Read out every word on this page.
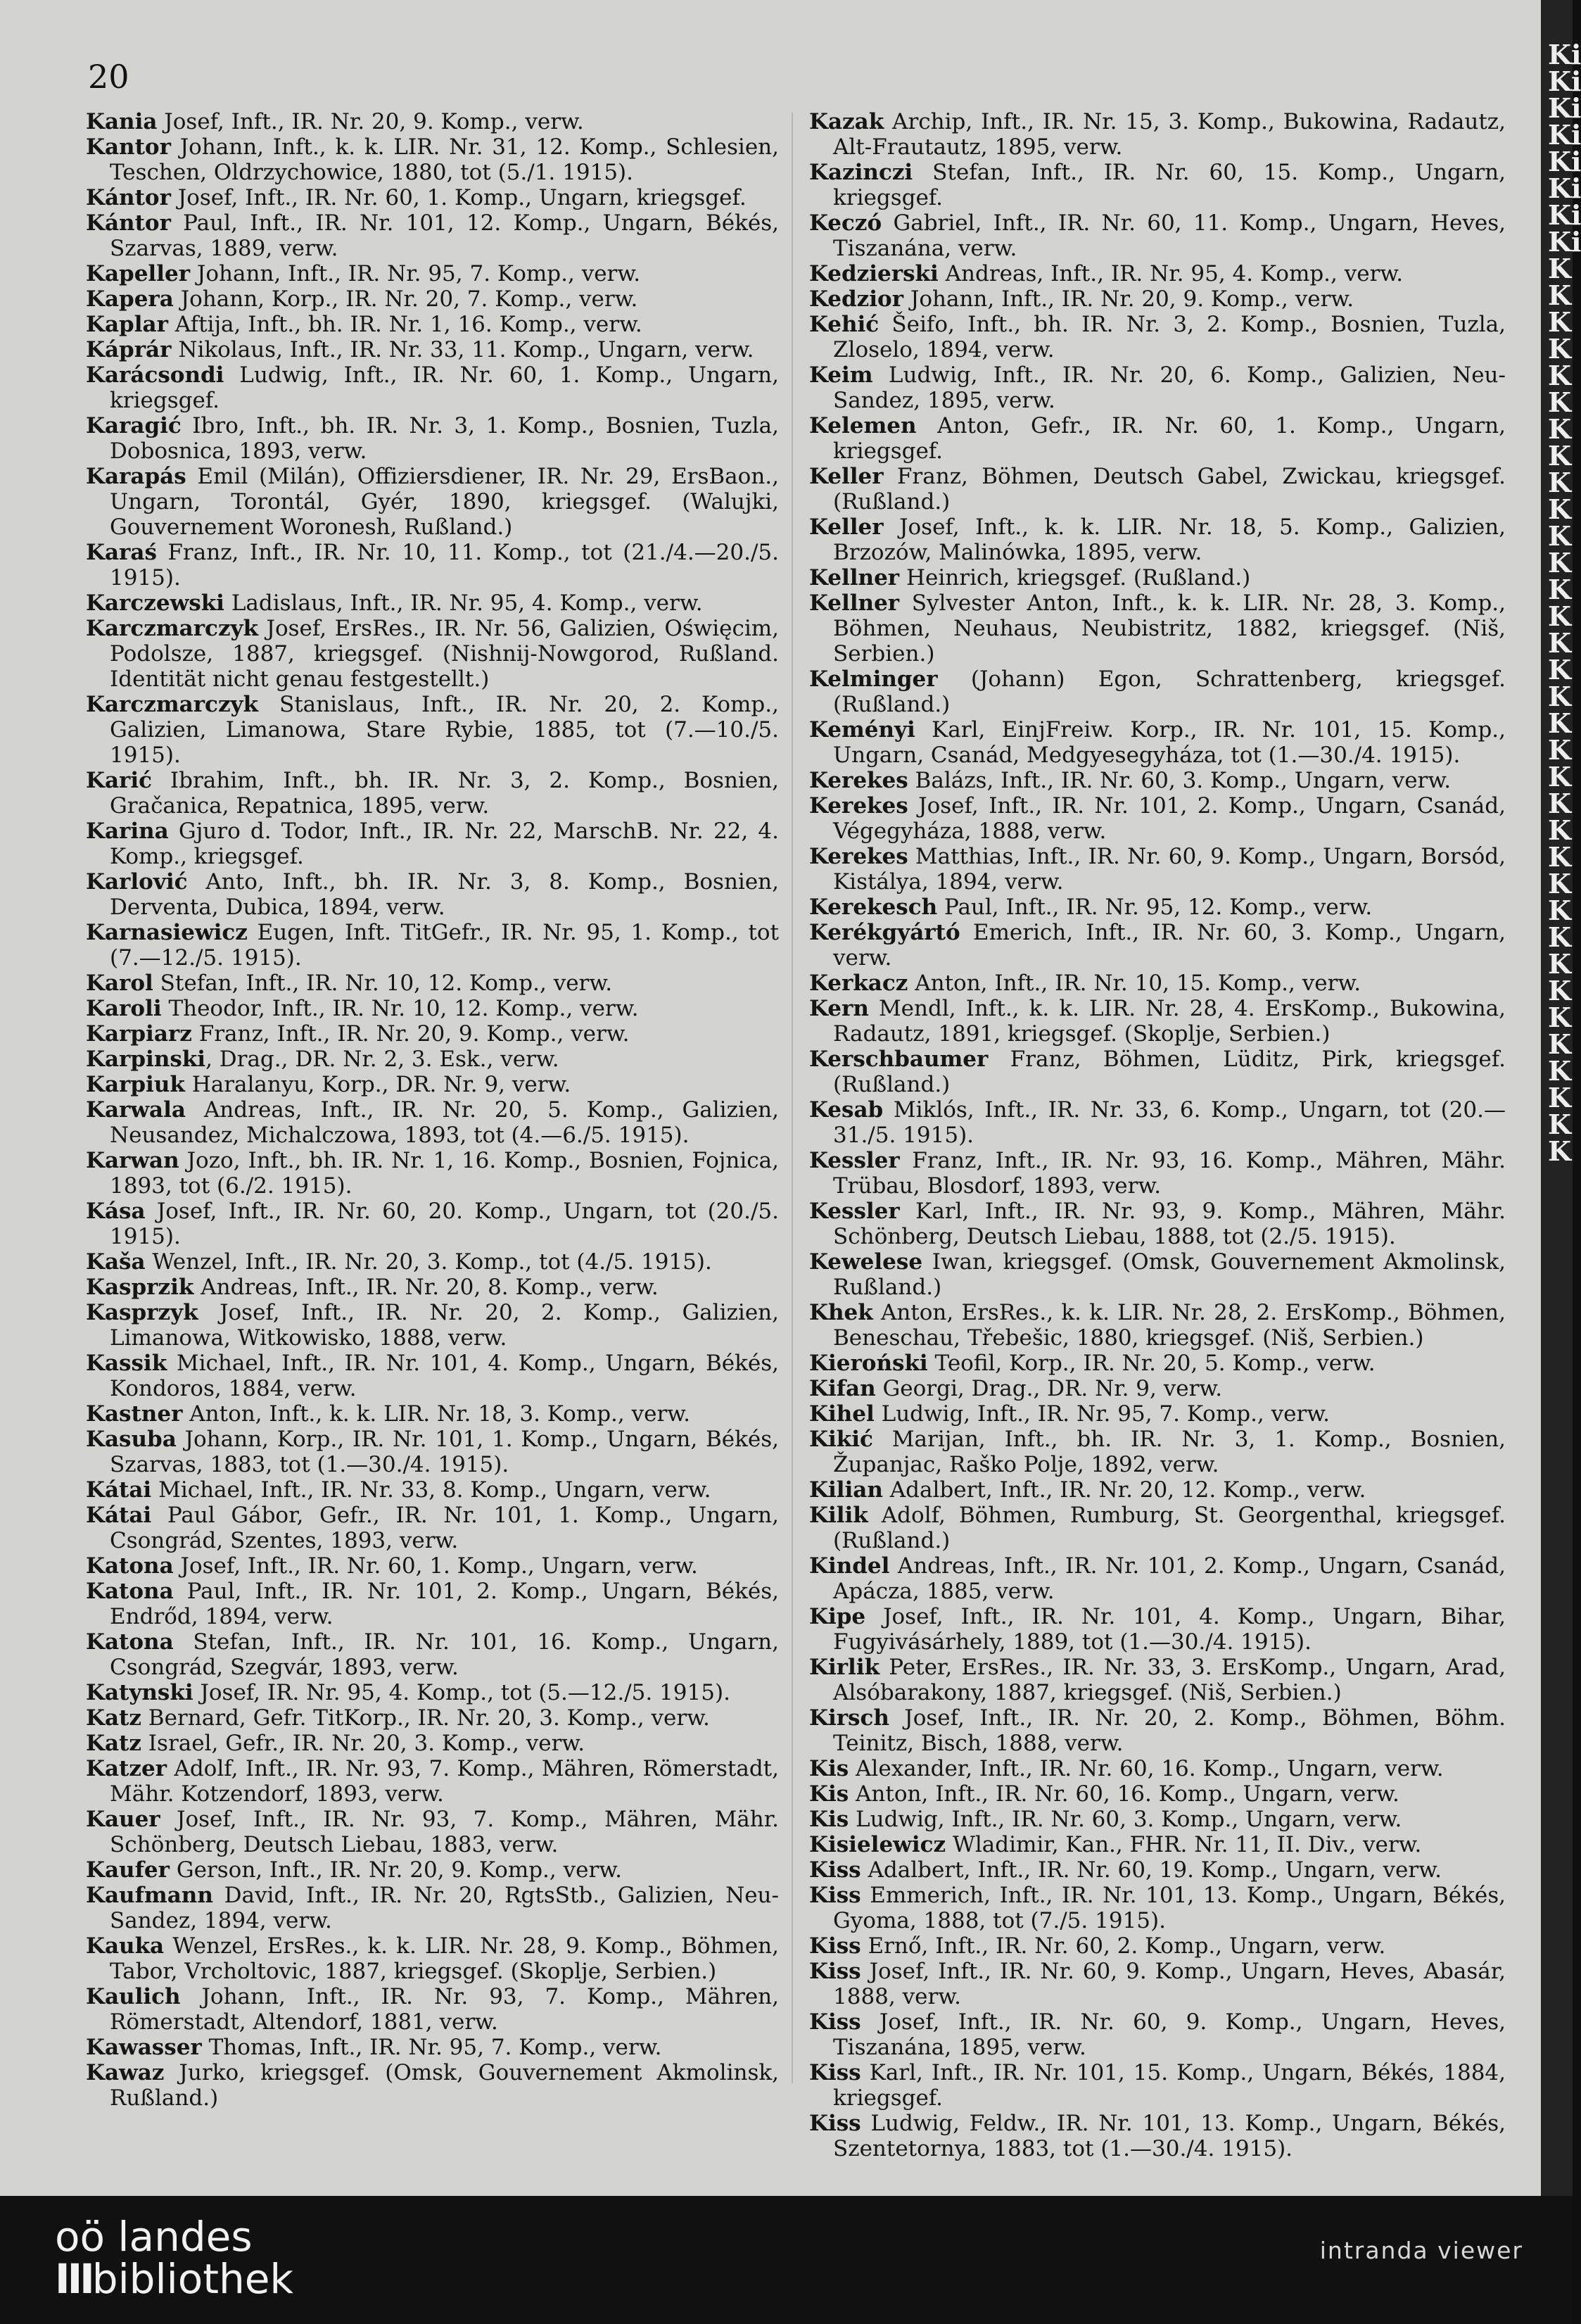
20

Kania Josef, Inft., IR. Nr. 20, 9. Komp., verw.

Kantor Johann, Inft., k. k. LIR. Nr. 31, 12. Komp., Schlesien, Teschen, Oldrzychowice, 1880, tot (5./1. 1915).

Kántor Josef, Inft., IR. Nr. 60, 1. Komp., Ungarn, kriegsgef.

Kántor Paul, Inft., IR. Nr. 101, 12. Komp., Ungarn, Békés, Szarvas, 1889, verw.

Kapeller Johann, Inft., IR. Nr. 95, 7. Komp., verw.

Kapera Johann, Korp., IR. Nr. 20, 7. Komp., verw.

Kaplar Aftija, Inft., bh. IR. Nr. 1, 16. Komp., verw.

Káprár Nikolaus, Inft., IR. Nr. 33, 11. Komp., Ungarn, verw.

Karácsondi Ludwig, Inft., IR. Nr. 60, 1. Komp., Ungarn, kriegsgef.

Karagić Ibro, Inft., bh. IR. Nr. 3, 1. Komp., Bosnien, Tuzla, Dobosnica, 1893, verw.

Karapás Emil (Milán), Offiziersdiener, IR. Nr. 29, ErsBaon., Ungarn, Torontál, Gyér, 1890, kriegsgef. (Walujki, Gouvernement Woronesh, Rußland.)

Karaś Franz, Inft., IR. Nr. 10, 11. Komp., tot (21./4.—20./5. 1915).

Karczewski Ladislaus, Inft., IR. Nr. 95, 4. Komp., verw.

Karczmarczyk Josef, ErsRes., IR. Nr. 56, Galizien, Oświęcim, Podolsze, 1887, kriegsgef. (Nishnij-Nowgorod, Rußland. Identität nicht genau festgestellt.)

Karczmarczyk Stanislaus, Inft., IR. Nr. 20, 2. Komp., Galizien, Limanowa, Stare Rybie, 1885, tot (7.—10./5. 1915).

Karić Ibrahim, Inft., bh. IR. Nr. 3, 2. Komp., Bosnien, Gračanica, Repatnica, 1895, verw.

Karina Gjuro d. Todor, Inft., IR. Nr. 22, MarschB. Nr. 22, 4. Komp., kriegsgef.

Karlović Anto, Inft., bh. IR. Nr. 3, 8. Komp., Bosnien, Derventa, Dubica, 1894, verw.

Karnasiewicz Eugen, Inft. TitGefr., IR. Nr. 95, 1. Komp., tot (7.—12./5. 1915).

Karol Stefan, Inft., IR. Nr. 10, 12. Komp., verw.

Karoli Theodor, Inft., IR. Nr. 10, 12. Komp., verw.

Karpiarz Franz, Inft., IR. Nr. 20, 9. Komp., verw.

Karpinski, Drag., DR. Nr. 2, 3. Esk., verw.

Karpiuk Haralanyu, Korp., DR. Nr. 9, verw.

Karwala Andreas, Inft., IR. Nr. 20, 5. Komp., Galizien, Neusandez, Michalczowa, 1893, tot (4.—6./5. 1915).

Karwan Jozo, Inft., bh. IR. Nr. 1, 16. Komp., Bosnien, Fojnica, 1893, tot (6./2. 1915).

Kása Josef, Inft., IR. Nr. 60, 20. Komp., Ungarn, tot (20./5. 1915).

Kaša Wenzel, Inft., IR. Nr. 20, 3. Komp., tot (4./5. 1915).

Kasprzik Andreas, Inft., IR. Nr. 20, 8. Komp., verw.

Kasprzyk Josef, Inft., IR. Nr. 20, 2. Komp., Galizien, Limanowa, Witkowisko, 1888, verw.

Kassik Michael, Inft., IR. Nr. 101, 4. Komp., Ungarn, Békés, Kondoros, 1884, verw.

Kastner Anton, Inft., k. k. LIR. Nr. 18, 3. Komp., verw.

Kasuba Johann, Korp., IR. Nr. 101, 1. Komp., Ungarn, Békés, Szarvas, 1883, tot (1.—30./4. 1915).

Kátai Michael, Inft., IR. Nr. 33, 8. Komp., Ungarn, verw.

Kátai Paul Gábor, Gefr., IR. Nr. 101, 1. Komp., Ungarn, Csongrád, Szentes, 1893, verw.

Katona Josef, Inft., IR. Nr. 60, 1. Komp., Ungarn, verw.

Katona Paul, Inft., IR. Nr. 101, 2. Komp., Ungarn, Békés, Endrőd, 1894, verw.

Katona Stefan, Inft., IR. Nr. 101, 16. Komp., Ungarn, Csongrád, Szegvár, 1893, verw.

Katynski Josef, IR. Nr. 95, 4. Komp., tot (5.—12./5. 1915).

Katz Bernard, Gefr. TitKorp., IR. Nr. 20, 3. Komp., verw.

Katz Israel, Gefr., IR. Nr. 20, 3. Komp., verw.

Katzer Adolf, Inft., IR. Nr. 93, 7. Komp., Mähren, Römerstadt, Mähr. Kotzendorf, 1893, verw.

Kauer Josef, Inft., IR. Nr. 93, 7. Komp., Mähren, Mähr. Schönberg, Deutsch Liebau, 1883, verw.

Kaufer Gerson, Inft., IR. Nr. 20, 9. Komp., verw.

Kaufmann David, Inft., IR. Nr. 20, RgtsStb., Galizien, Neu-Sandez, 1894, verw.

Kauka Wenzel, ErsRes., k. k. LIR. Nr. 28, 9. Komp., Böhmen, Tabor, Vrcholtovic, 1887, kriegsgef. (Skoplje, Serbien.)

Kaulich Johann, Inft., IR. Nr. 93, 7. Komp., Mähren, Römerstadt, Altendorf, 1881, verw.

Kawasser Thomas, Inft., IR. Nr. 95, 7. Komp., verw.

Kawaz Jurko, kriegsgef. (Omsk, Gouvernement Akmolinsk, Rußland.)

Kazak Archip, Inft., IR. Nr. 15, 3. Komp., Bukowina, Radautz, Alt-Frautautz, 1895, verw.

Kazinczi Stefan, Inft., IR. Nr. 60, 15. Komp., Ungarn, kriegsgef.

Keczó Gabriel, Inft., IR. Nr. 60, 11. Komp., Ungarn, Heves, Tiszanána, verw.

Kedzierski Andreas, Inft., IR. Nr. 95, 4. Komp., verw.

Kedzior Johann, Inft., IR. Nr. 20, 9. Komp., verw.

Kehić Šeifo, Inft., bh. IR. Nr. 3, 2. Komp., Bosnien, Tuzla, Zloselo, 1894, verw.

Keim Ludwig, Inft., IR. Nr. 20, 6. Komp., Galizien, Neu-Sandez, 1895, verw.

Kelemen Anton, Gefr., IR. Nr. 60, 1. Komp., Ungarn, kriegsgef.

Keller Franz, Böhmen, Deutsch Gabel, Zwickau, kriegsgef. (Rußland.)

Keller Josef, Inft., k. k. LIR. Nr. 18, 5. Komp., Galizien, Brzozów, Malinówka, 1895, verw.

Kellner Heinrich, kriegsgef. (Rußland.)

Kellner Sylvester Anton, Inft., k. k. LIR. Nr. 28, 3. Komp., Böhmen, Neuhaus, Neubistritz, 1882, kriegsgef. (Niš, Serbien.)

Kelminger (Johann) Egon, Schrattenberg, kriegsgef. (Rußland.)

Keményi Karl, EinjFreiw. Korp., IR. Nr. 101, 15. Komp., Ungarn, Csanád, Medgyesegyháza, tot (1.—30./4. 1915).

Kerekes Balázs, Inft., IR. Nr. 60, 3. Komp., Ungarn, verw.

Kerekes Josef, Inft., IR. Nr. 101, 2. Komp., Ungarn, Csanád, Végegyháza, 1888, verw.

Kerekes Matthias, Inft., IR. Nr. 60, 9. Komp., Ungarn, Borsód, Kistálya, 1894, verw.

Kerekesch Paul, Inft., IR. Nr. 95, 12. Komp., verw.

Kerékgyártó Emerich, Inft., IR. Nr. 60, 3. Komp., Ungarn, verw.

Kerkacz Anton, Inft., IR. Nr. 10, 15. Komp., verw.

Kern Mendl, Inft., k. k. LIR. Nr. 28, 4. ErsKomp., Bukowina, Radautz, 1891, kriegsgef. (Skoplje, Serbien.)

Kerschbaumer Franz, Böhmen, Lüditz, Pirk, kriegsgef. (Rußland.)

Kesab Miklós, Inft., IR. Nr. 33, 6. Komp., Ungarn, tot (20.—31./5. 1915).

Kessler Franz, Inft., IR. Nr. 93, 16. Komp., Mähren, Mähr. Trübau, Blosdorf, 1893, verw.

Kessler Karl, Inft., IR. Nr. 93, 9. Komp., Mähren, Mähr. Schönberg, Deutsch Liebau, 1888, tot (2./5. 1915).

Kewelese Iwan, kriegsgef. (Omsk, Gouvernement Akmolinsk, Rußland.)

Khek Anton, ErsRes., k. k. LIR. Nr. 28, 2. ErsKomp., Böhmen, Beneschau, Třebešic, 1880, kriegsgef. (Niš, Serbien.)

Kieroński Teofil, Korp., IR. Nr. 20, 5. Komp., verw.

Kifan Georgi, Drag., DR. Nr. 9, verw.

Kihel Ludwig, Inft., IR. Nr. 95, 7. Komp., verw.

Kikić Marijan, Inft., bh. IR. Nr. 3, 1. Komp., Bosnien, Županjac, Raško Polje, 1892, verw.

Kilian Adalbert, Inft., IR. Nr. 20, 12. Komp., verw.

Kilik Adolf, Böhmen, Rumburg, St. Georgenthal, kriegsgef. (Rußland.)

Kindel Andreas, Inft., IR. Nr. 101, 2. Komp., Ungarn, Csanád, Apácza, 1885, verw.

Kipe Josef, Inft., IR. Nr. 101, 4. Komp., Ungarn, Bihar, Fugyivásárhely, 1889, tot (1.—30./4. 1915).

Kirlik Peter, ErsRes., IR. Nr. 33, 3. ErsKomp., Ungarn, Arad, Alsóbarakony, 1887, kriegsgef. (Niš, Serbien.)

Kirsch Josef, Inft., IR. Nr. 20, 2. Komp., Böhmen, Böhm. Teinitz, Bisch, 1888, verw.

Kis Alexander, Inft., IR. Nr. 60, 16. Komp., Ungarn, verw.

Kis Anton, Inft., IR. Nr. 60, 16. Komp., Ungarn, verw.

Kis Ludwig, Inft., IR. Nr. 60, 3. Komp., Ungarn, verw.

Kisielewicz Wladimir, Kan., FHR. Nr. 11, II. Div., verw.

Kiss Adalbert, Inft., IR. Nr. 60, 19. Komp., Ungarn, verw.

Kiss Emmerich, Inft., IR. Nr. 101, 13. Komp., Ungarn, Békés, Gyoma, 1888, tot (7./5. 1915).

Kiss Ernő, Inft., IR. Nr. 60, 2. Komp., Ungarn, verw.

Kiss Josef, Inft., IR. Nr. 60, 9. Komp., Ungarn, Heves, Abasár, 1888, verw.

Kiss Josef, Inft., IR. Nr. 60, 9. Komp., Ungarn, Heves, Tiszanána, 1895, verw.

Kiss Karl, Inft., IR. Nr. 101, 15. Komp., Ungarn, Békés, 1884, kriegsgef.

Kiss Ludwig, Feldw., IR. Nr. 101, 13. Komp., Ungarn, Békés, Szentetornya, 1883, tot (1.—30./4. 1915).

Ki
Ki
Ki
Ki
Ki
Ki
Ki
Ki
K
K
K
K
K
K
K
K
K
K
K
K
K
K
K
K
K
K
K
K
K
K
K
K
K
K
K
K
K
K
K
K
K
K
oö landes
IIIbibliothek
intranda viewer
